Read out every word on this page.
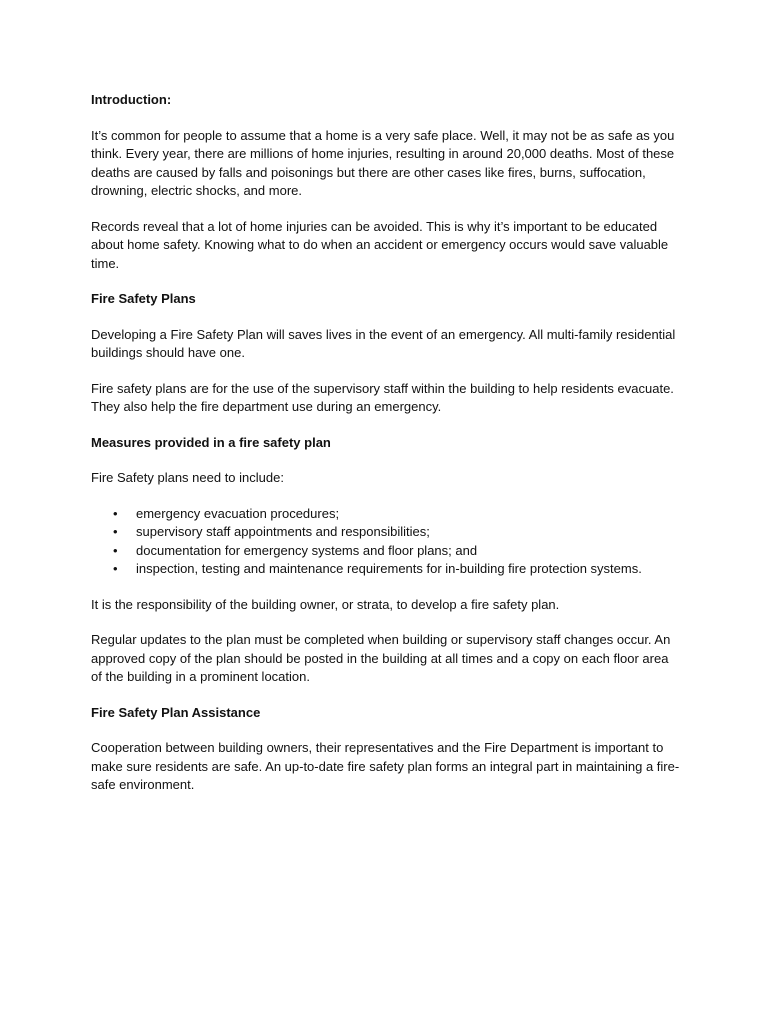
Introduction:

It’s common for people to assume that a home is a very safe place. Well, it may not be as safe as you think. Every year, there are millions of home injuries, resulting in around 20,000 deaths. Most of these deaths are caused by falls and poisonings but there are other cases like fires, burns, suffocation, drowning, electric shocks, and more.

Records reveal that a lot of home injuries can be avoided. This is why it’s important to be educated about home safety. Knowing what to do when an accident or emergency occurs would save valuable time.

Fire Safety Plans

Developing a Fire Safety Plan will saves lives in the event of an emergency. All multi-family residential buildings should have one.

Fire safety plans are for the use of the supervisory staff within the building to help residents evacuate. They also help the fire department use during an emergency.

Measures provided in a fire safety plan

Fire Safety plans need to include:

• emergency evacuation procedures;
• supervisory staff appointments and responsibilities;
• documentation for emergency systems and floor plans; and
• inspection, testing and maintenance requirements for in-building fire protection systems.

It is the responsibility of the building owner, or strata, to develop a fire safety plan.

Regular updates to the plan must be completed when building or supervisory staff changes occur. An approved copy of the plan should be posted in the building at all times and a copy on each floor area of the building in a prominent location.

Fire Safety Plan Assistance

Cooperation between building owners, their representatives and the Fire Department is important to make sure residents are safe. An up-to-date fire safety plan forms an integral part in maintaining a fire-safe environment.
